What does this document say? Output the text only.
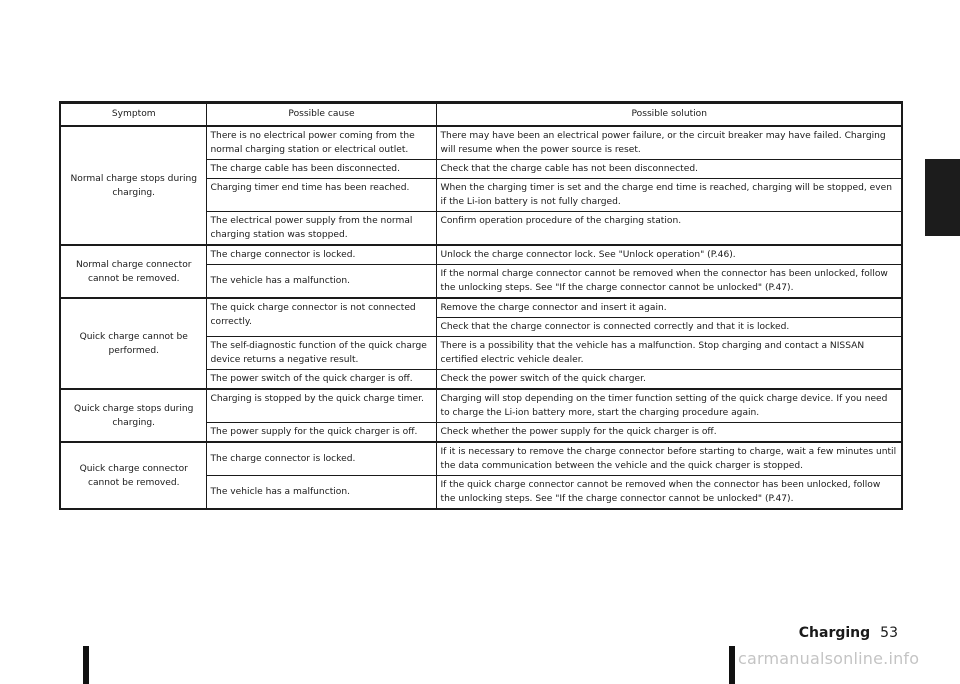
Symptom	Possible cause	Possible solution
Normal charge stops during charging.	There is no electrical power coming from the normal charging station or electrical outlet.	There may have been an electrical power failure, or the circuit breaker may have failed. Charging will resume when the power source is reset.
	The charge cable has been disconnected.	Check that the charge cable has not been disconnected.
	Charging timer end time has been reached.	When the charging timer is set and the charge end time is reached, charging will be stopped, even if the Li-ion battery is not fully charged.
	The electrical power supply from the normal charging station was stopped.	Confirm operation procedure of the charging station.
Normal charge connector cannot be removed.	The charge connector is locked.	Unlock the charge connector lock. See "Unlock operation" (P.46).
	The vehicle has a malfunction.	If the normal charge connector cannot be removed when the connector has been unlocked, follow the unlocking steps. See "If the charge connector cannot be unlocked" (P.47).
Quick charge cannot be performed.	The quick charge connector is not connected correctly.	Remove the charge connector and insert it again.
		Check that the charge connector is connected correctly and that it is locked.
	The self-diagnostic function of the quick charge device returns a negative result.	There is a possibility that the vehicle has a malfunction. Stop charging and contact a NISSAN certified electric vehicle dealer.
	The power switch of the quick charger is off.	Check the power switch of the quick charger.
Quick charge stops during charging.	Charging is stopped by the quick charge timer.	Charging will stop depending on the timer function setting of the quick charge device. If you need to charge the Li-ion battery more, start the charging procedure again.
	The power supply for the quick charger is off.	Check whether the power supply for the quick charger is off.
Quick charge connector cannot be removed.	The charge connector is locked.	If it is necessary to remove the charge connector before starting to charge, wait a few minutes until the data communication between the vehicle and the quick charger is stopped.
	The vehicle has a malfunction.	If the quick charge connector cannot be removed when the connector has been unlocked, follow the unlocking steps. See "If the charge connector cannot be unlocked" (P.47).
Charging 53
carmanualsonline.info
